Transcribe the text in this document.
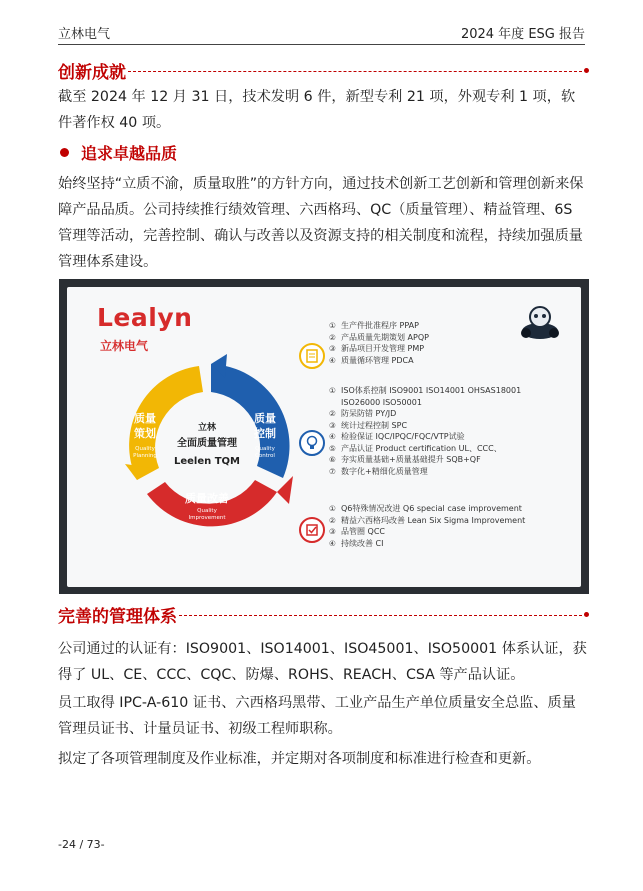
立林电气	2024 年度 ESG 报告
创新成就
截至 2024 年 12 月 31 日，技术发明 6 件，新型专利 21 项，外观专利 1 项，软件著作权 40 项。
追求卓越品质
始终坚持“立质不渝，质量取胜”的方针方向，通过技术创新工艺创新和管理创新来保障产品品质。公司持续推行绩效管理、六西格玛、QC（质量管理）、精益管理、6S 管理等活动，完善控制、确认与改善以及资源支持的相关制度和流程，持续加强质量管理体系建设。
Lealyn
立林电气
立林
全面质量管理
Leelen TQM
质量
策划
Quality
Planning
质量
控制
Quality
Control
质量改善
Quality
Improvement
① 生产件批准程序 PPAP
② 产品质量先期策划 APQP
③ 新品项目开发管理 PMP
④ 质量循环管理 PDCA
① ISO体系控制 ISO9001 ISO14001 OHSAS18001
ISO26000 ISO50001
② 防呆防错 PY/JD
③ 统计过程控制 SPC
④ 检验保证 IQC/IPQC/FQC/VTP试验
⑤ 产品认证 Product certification UL、CCC、
⑥ 夯实质量基础+质量基础提升 SQB+QF
⑦ 数字化+精细化质量管理
① Q6特殊情况改进 Q6 special case improvement
② 精益六西格玛改善 Lean Six Sigma Improvement
③ 品管圈 QCC
④ 持续改善 CI
完善的管理体系
公司通过的认证有：ISO9001、ISO14001、ISO45001、ISO50001 体系认证，获得了 UL、CE、CCC、CQC、防爆、ROHS、REACH、CSA 等产品认证。
员工取得 IPC-A-610 证书、六西格玛黑带、工业产品生产单位质量安全总监、质量管理员证书、计量员证书、初级工程师职称。
拟定了各项管理制度及作业标准，并定期对各项制度和标准进行检查和更新。
-24 / 73-
